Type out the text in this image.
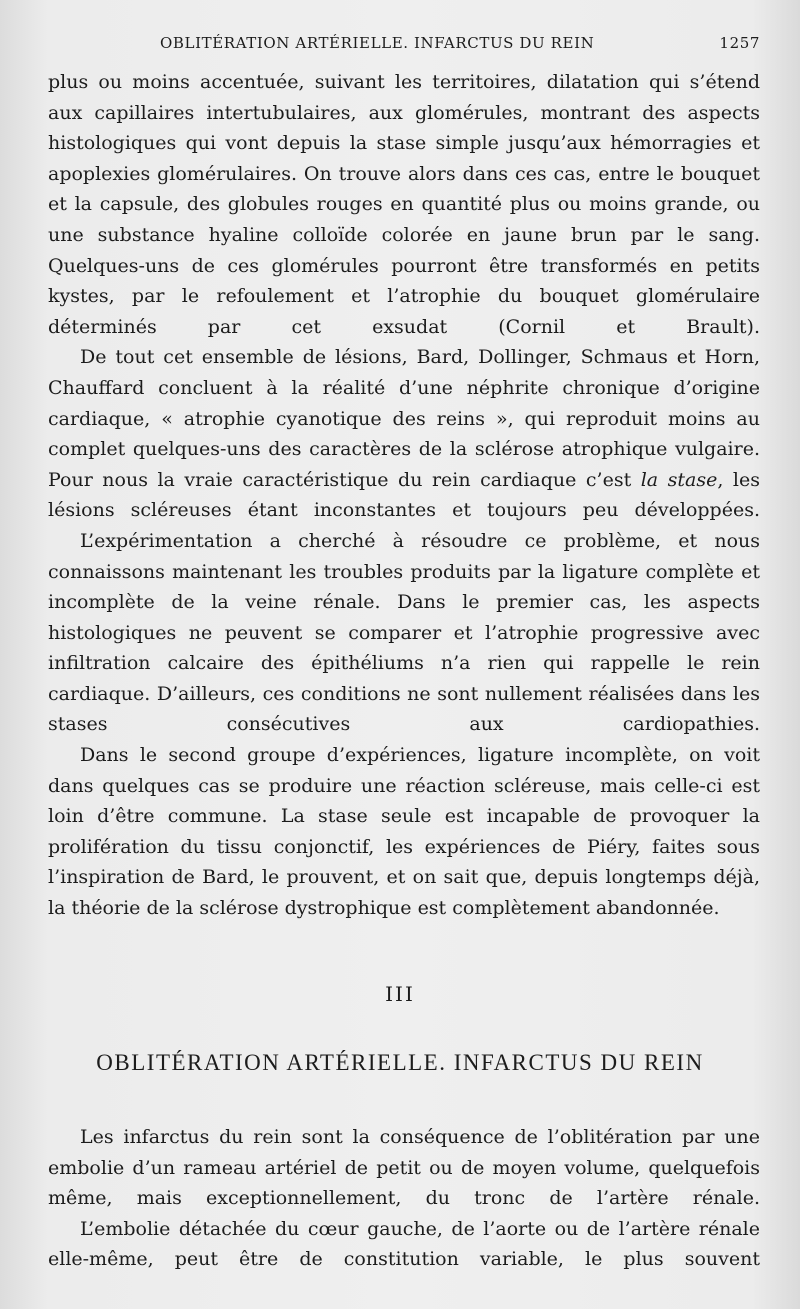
OBLITÉRATION ARTÉRIELLE. INFARCTUS DU REIN	1257

plus ou moins accentuée, suivant les territoires, dilatation qui s’étend aux capillaires intertubulaires, aux glomérules, montrant des aspects histologiques qui vont depuis la stase simple jusqu’aux hémorragies et apoplexies glomérulaires. On trouve alors dans ces cas, entre le bouquet et la capsule, des globules rouges en quantité plus ou moins grande, ou une substance hyaline colloïde colorée en jaune brun par le sang. Quelques-uns de ces glomérules pourront être transformés en petits kystes, par le refoulement et l’atrophie du bouquet glomérulaire déterminés par cet exsudat (Cornil et Brault).

De tout cet ensemble de lésions, Bard, Dollinger, Schmaus et Horn, Chauffard concluent à la réalité d’une néphrite chronique d’origine cardiaque, « atrophie cyanotique des reins », qui reproduit moins au complet quelques-uns des caractères de la sclérose atrophique vulgaire. Pour nous la vraie caractéristique du rein cardiaque c’est la stase, les lésions scléreuses étant inconstantes et toujours peu développées.

L’expérimentation a cherché à résoudre ce problème, et nous connaissons maintenant les troubles produits par la ligature complète et incomplète de la veine rénale. Dans le premier cas, les aspects histologiques ne peuvent se comparer et l’atrophie progressive avec infiltration calcaire des épithéliums n’a rien qui rappelle le rein cardiaque. D’ailleurs, ces conditions ne sont nullement réalisées dans les stases consécutives aux cardiopathies.

Dans le second groupe d’expériences, ligature incomplète, on voit dans quelques cas se produire une réaction scléreuse, mais celle-ci est loin d’être commune. La stase seule est incapable de provoquer la prolifération du tissu conjonctif, les expériences de Piéry, faites sous l’inspiration de Bard, le prouvent, et on sait que, depuis longtemps déjà, la théorie de la sclérose dystrophique est complètement abandonnée.

III
OBLITÉRATION ARTÉRIELLE. INFARCTUS DU REIN

Les infarctus du rein sont la conséquence de l’oblitération par une embolie d’un rameau artériel de petit ou de moyen volume, quelquefois même, mais exceptionnellement, du tronc de l’artère rénale.

L’embolie détachée du cœur gauche, de l’aorte ou de l’artère rénale elle-même, peut être de constitution variable, le plus souvent
